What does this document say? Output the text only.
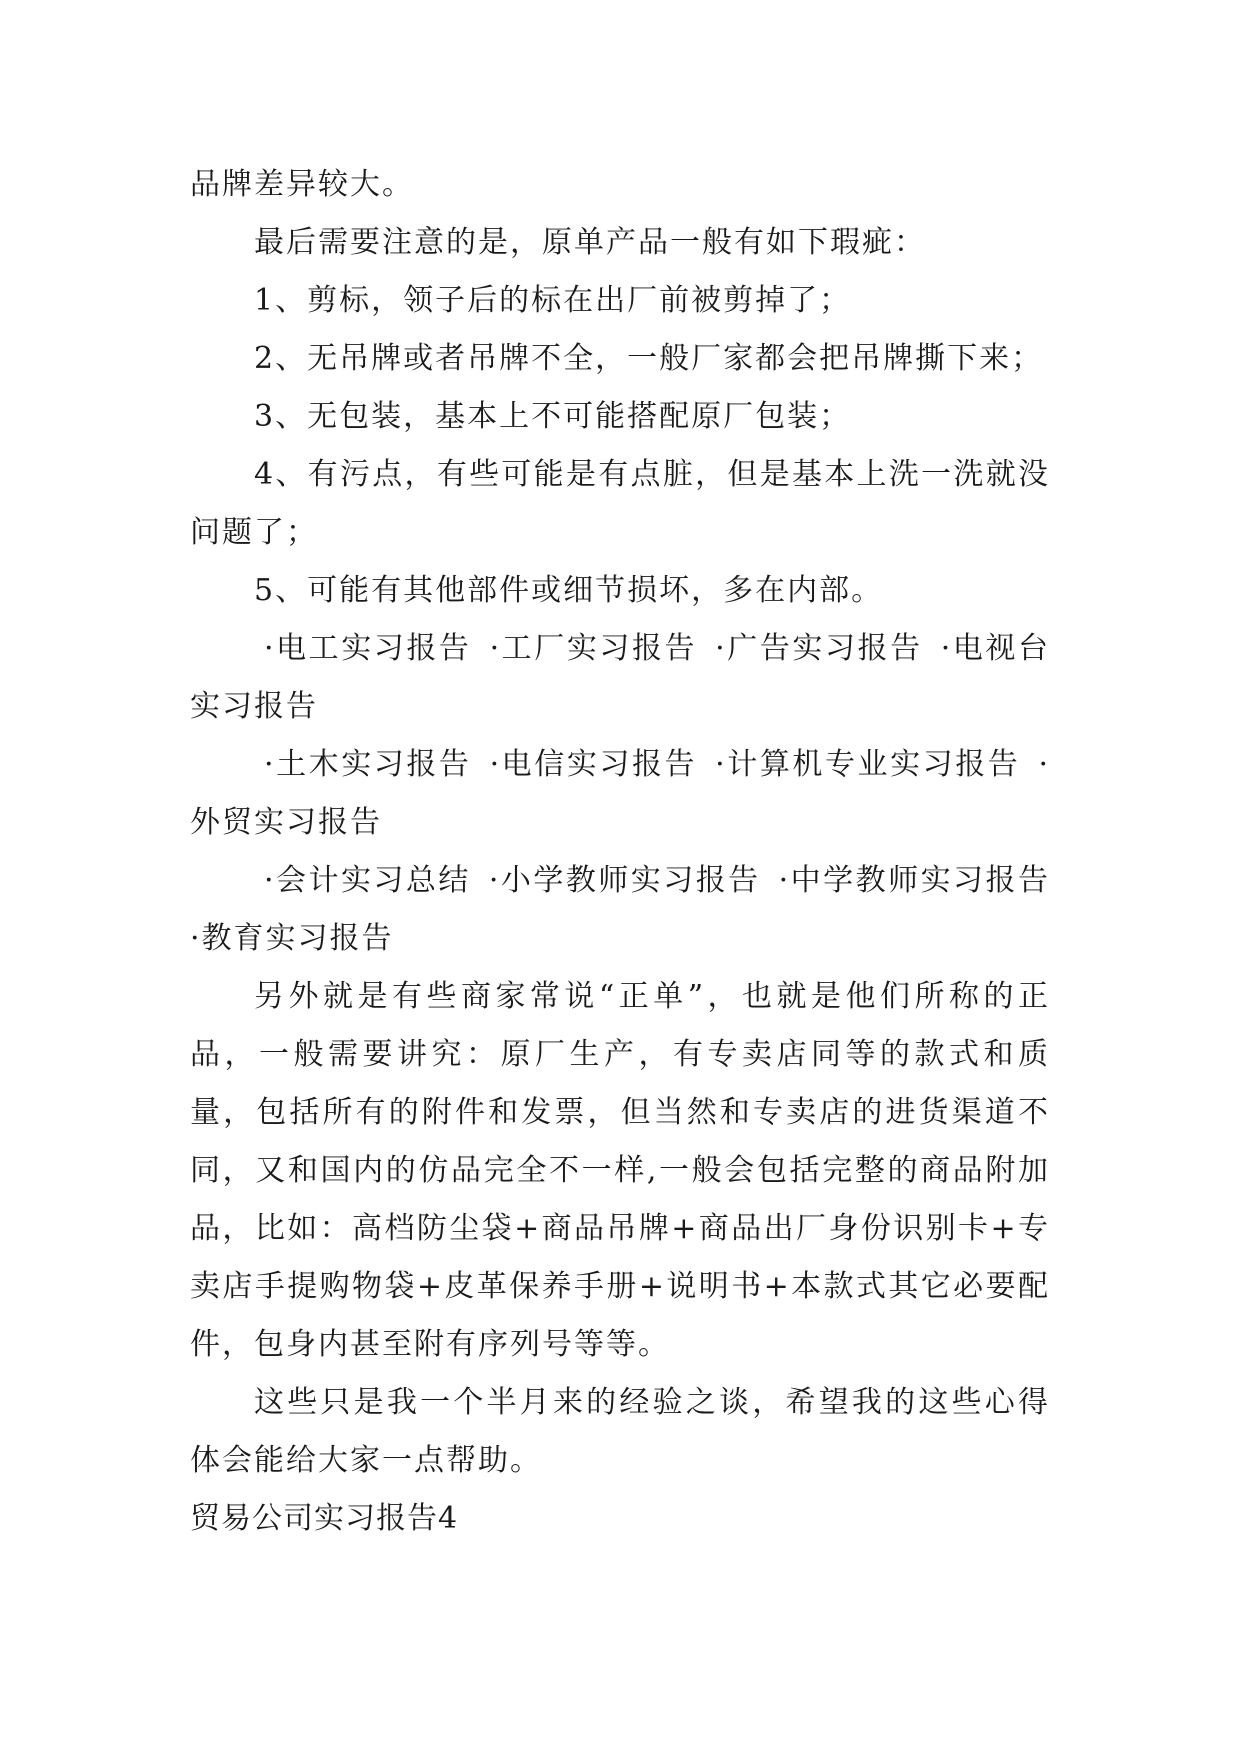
品牌差异较大。

最后需要注意的是，原单产品一般有如下瑕疵：

1、剪标，领子后的标在出厂前被剪掉了；

2、无吊牌或者吊牌不全，一般厂家都会把吊牌撕下来；

3、无包装，基本上不可能搭配原厂包装；

4、有污点，有些可能是有点脏，但是基本上洗一洗就没问题了；

5、可能有其他部件或细节损坏，多在内部。

·电工实习报告 ·工厂实习报告 ·广告实习报告 ·电视台实习报告

·土木实习报告 ·电信实习报告 ·计算机专业实习报告 ·外贸实习报告

·会计实习总结 ·小学教师实习报告 ·中学教师实习报告 ·教育实习报告

另外就是有些商家常说“正单”，也就是他们所称的正品，一般需要讲究：原厂生产，有专卖店同等的款式和质量，包括所有的附件和发票，但当然和专卖店的进货渠道不同，又和国内的仿品完全不一样,一般会包括完整的商品附加品，比如：高档防尘袋+商品吊牌+商品出厂身份识别卡+专卖店手提购物袋+皮革保养手册+说明书+本款式其它必要配件，包身内甚至附有序列号等等。

这些只是我一个半月来的经验之谈，希望我的这些心得体会能给大家一点帮助。

贸易公司实习报告4
